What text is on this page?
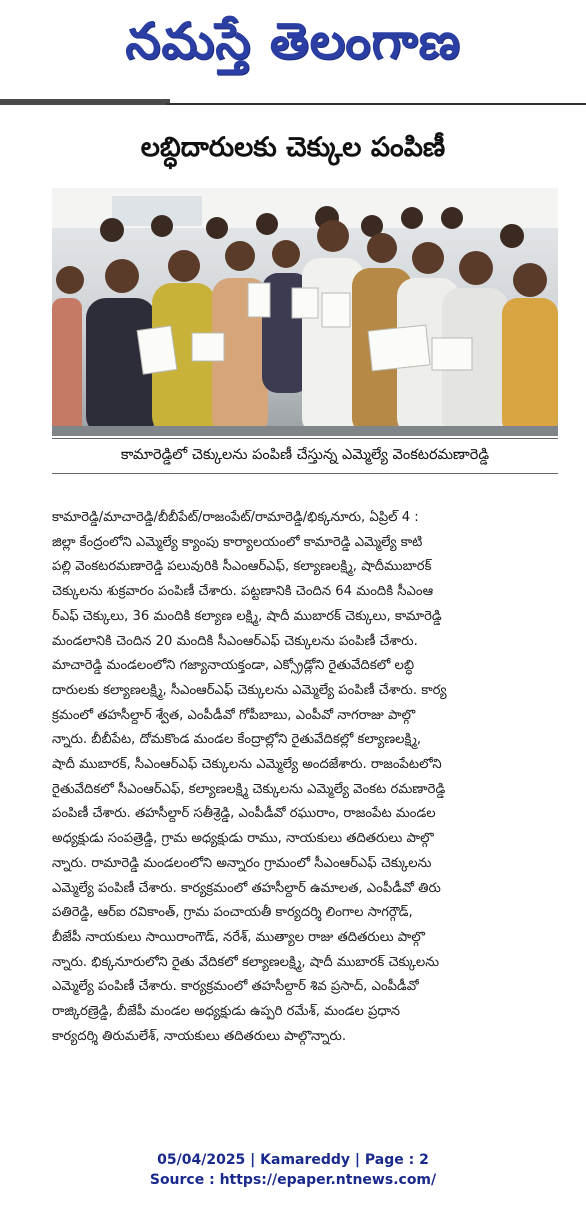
నమస్తే తెలంగాణ
లబ్ధిదారులకు చెక్కుల పంపిణీ
కామారెడ్డిలో చెక్కులను పంపిణీ చేస్తున్న ఎమ్మెల్యే వెంకటరమణారెడ్డి
కామారెడ్డి/మాచారెడ్డి/బీబీపేట్/రాజంపేట్/రామారెడ్డి/భిక్కనూరు, ఏప్రిల్ 4 :
జిల్లా కేంద్రంలోని ఎమ్మెల్యే క్యాంపు కార్యాలయంలో కామారెడ్డి ఎమ్మెల్యే కాటి
పల్లి వెంకటరమణారెడ్డి పలువురికి సీఎంఆర్ఎఫ్, కల్యాణలక్ష్మి, షాదీముబారక్
చెక్కులను శుక్రవారం పంపిణీ చేశారు. పట్టణానికి చెందిన 64 మందికి సీఎంఆ
ర్ఎఫ్ చెక్కులు, 36 మందికి కల్యాణ లక్ష్మి, షాదీ ముబారక్ చెక్కులు, కామారెడ్డి
మండలానికి చెందిన 20 మందికి సీఎంఆర్ఎఫ్ చెక్కులను పంపిణీ చేశారు.
మాచారెడ్డి మండలంలోని గజ్యానాయక్తండా, ఎక్స్రోడ్లోని రైతువేదికలో లబ్ధి
దారులకు కల్యాణలక్ష్మి, సీఎంఆర్ఎఫ్ చెక్కులను ఎమ్మెల్యే పంపిణీ చేశారు. కార్య
క్రమంలో తహసీల్దార్ శ్వేత, ఎంపీడీవో గోపీబాబు, ఎంపీవో నాగరాజు పాల్గొ
న్నారు. బీబీపేట, దోమకొండ మండల కేంద్రాల్లోని రైతువేదికల్లో కల్యాణలక్ష్మి,
షాదీ ముబారక్, సీఎంఆర్ఎఫ్ చెక్కులను ఎమ్మెల్యే అందజేశారు. రాజంపేటలోని
రైతువేదికలో సీఎంఆర్ఎఫ్, కల్యాణలక్ష్మి చెక్కులను ఎమ్మెల్యే వెంకట రమణారెడ్డి
పంపిణీ చేశారు. తహసీల్దార్ సతీశ్రెడ్డి, ఎంపీడీవో రఘురాం, రాజంపేట మండల
అధ్యక్షుడు సంపత్రెడ్డి, గ్రామ అధ్యక్షుడు రాము, నాయకులు తదితరులు పాల్గొ
న్నారు. రామారెడ్డి మండలంలోని అన్నారం గ్రామంలో సీఎంఆర్ఎఫ్ చెక్కులను
ఎమ్మెల్యే పంపిణీ చేశారు. కార్యక్రమంలో తహసీల్దార్ ఉమాలత, ఎంపీడీవో తిరు
పతిరెడ్డి, ఆర్ఐ రవికాంత్, గ్రామ పంచాయతీ కార్యదర్శి లింగాల సాగర్గౌడ్,
బీజేపీ నాయకులు సాయిరాంగౌడ్, నరేశ్, ముత్యాల రాజు తదితరులు పాల్గొ
న్నారు. భిక్కనూరులోని రైతు వేదికలో కల్యాణలక్ష్మి, షాదీ ముబారక్ చెక్కులను
ఎమ్మెల్యే పంపిణీ చేశారు. కార్యక్రమంలో తహసీల్దార్ శివ ప్రసాద్, ఎంపీడీవో
రాజ్కిరణ్రెడ్డి, బీజేపీ మండల అధ్యక్షుడు ఉప్పరి రమేశ్, మండల ప్రధాన
కార్యదర్శి తిరుమలేశ్, నాయకులు తదితరులు పాల్గొన్నారు.
05/04/2025 | Kamareddy | Page : 2
Source : https://epaper.ntnews.com/
